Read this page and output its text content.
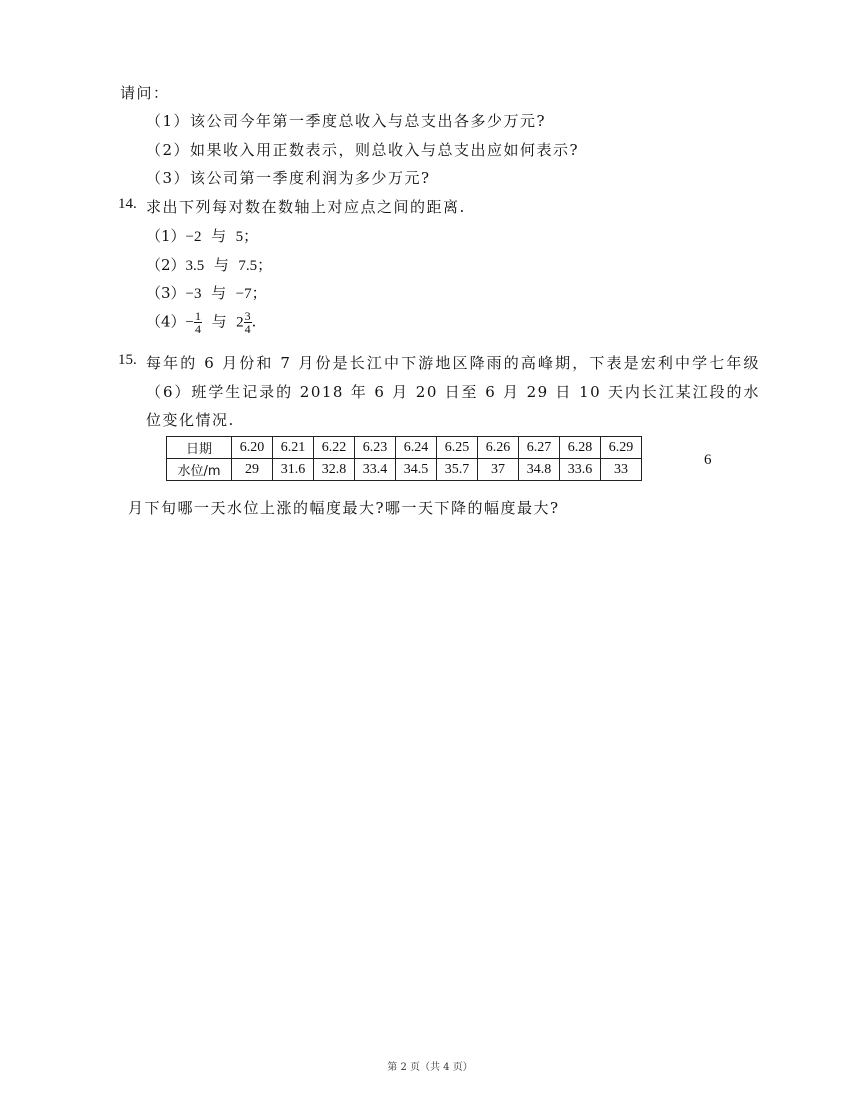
请问：
（1）该公司今年第一季度总收入与总支出各多少万元?
（2）如果收入用正数表示，则总收入与总支出应如何表示?
（3）该公司第一季度利润为多少万元?
14. 求出下列每对数在数轴上对应点之间的距离.
（1）−2 与 5；
（2）3.5 与 7.5；
（3）−3 与 −7；
$(4)- \frac{1}{4}$ 与 $2 \frac{3}{4}$ .
15. 每年的 6 月份和 7 月份是长江中下游地区降雨的高峰期，下表是宏利中学七年级
（6）班学生记录的 2018 年 6 月 20 日至 6 月 29 日 10 天内长江某江段的水
位变化情况.
日期	6.20	6.21	6.22	6.23	6.24	6.25	6.26	6.27	6.28	6.29
水位/m	29	31.6	32.8	33.4	34.5	35.7	37	34.8	33.6	33
6
月下旬哪一天水位上涨的幅度最大?哪一天下降的幅度最大?
第 2 页（共 4 页）
